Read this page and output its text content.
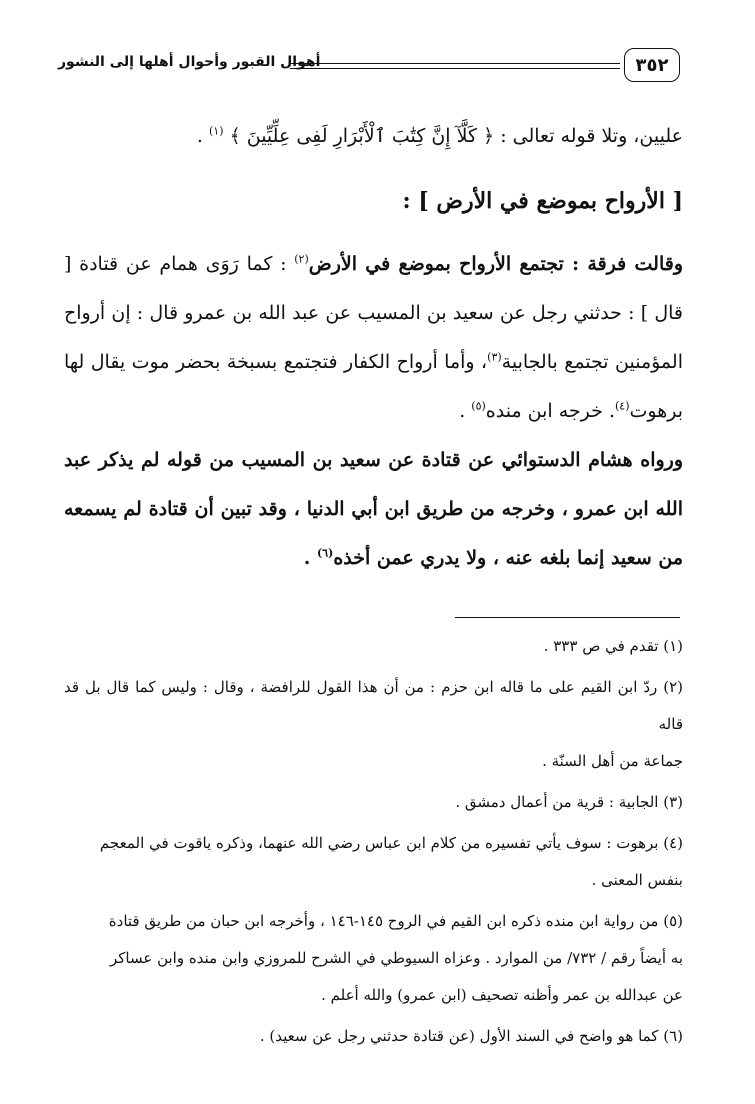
أهوال القبور وأحوال أهلها إلى النشور	٣٥٢
عليين، وتلا قوله تعالى : ﴿ كَلَّآ إِنَّ كِتَٰبَ ٱلْأَبْرَارِ لَفِى عِلِّيِّينَ ﴾ $^{(١)}$ .
[ الأرواح بموضع في الأرض ] :
وقالت فرقة : تجتمع الأرواح بموضع في الأرض$^{(٢)}$ : كما رَوَى همام عن قتادة [ قال ] : حدثني رجل عن سعيد بن المسيب عن عبد الله بن عمرو قال : إن أرواح المؤمنين تجتمع بالجابية$^{(٣)}$، وأما أرواح الكفار فتجتمع بسبخة بحضر موت يقال لها برهوت$^{(٤)}$. خرجه ابن منده$^{(٥)}$ .
ورواه هشام الدستوائي عن قتادة عن سعيد بن المسيب من قوله لم يذكر عبد الله ابن عمرو ، وخرجه من طريق ابن أبي الدنيا ، وقد تبين أن قتادة لم يسمعه من سعيد إنما بلغه عنه ، ولا يدري عمن أخذه$^{(٦)}$ .
(١) تقدم في ص ٣٣٣ .
(٢) ردّ ابن القيم على ما قاله ابن حزم : من أن هذا القول للرافضة ، وقال : وليس كما قال بل قد قاله
جماعة من أهل السنّة .
(٣) الجابية : قرية من أعمال دمشق .
(٤) برهوت : سوف يأتي تفسيره من كلام ابن عباس رضي الله عنهما، وذكره ياقوت في المعجم
بنفس المعنى .
(٥) من رواية ابن منده ذكره ابن القيم في الروح ١٤٥-١٤٦ ، وأخرجه ابن حبان من طريق قتادة
به أيضاً رقم / ٧٣٢/ من الموارد . وعزاه السيوطي في الشرح للمروزي وابن منده وابن عساكر
عن عبدالله بن عمر وأظنه تصحيف (ابن عمرو) والله أعلم .
(٦) كما هو واضح في السند الأول (عن قتادة حدثني رجل عن سعيد) .
